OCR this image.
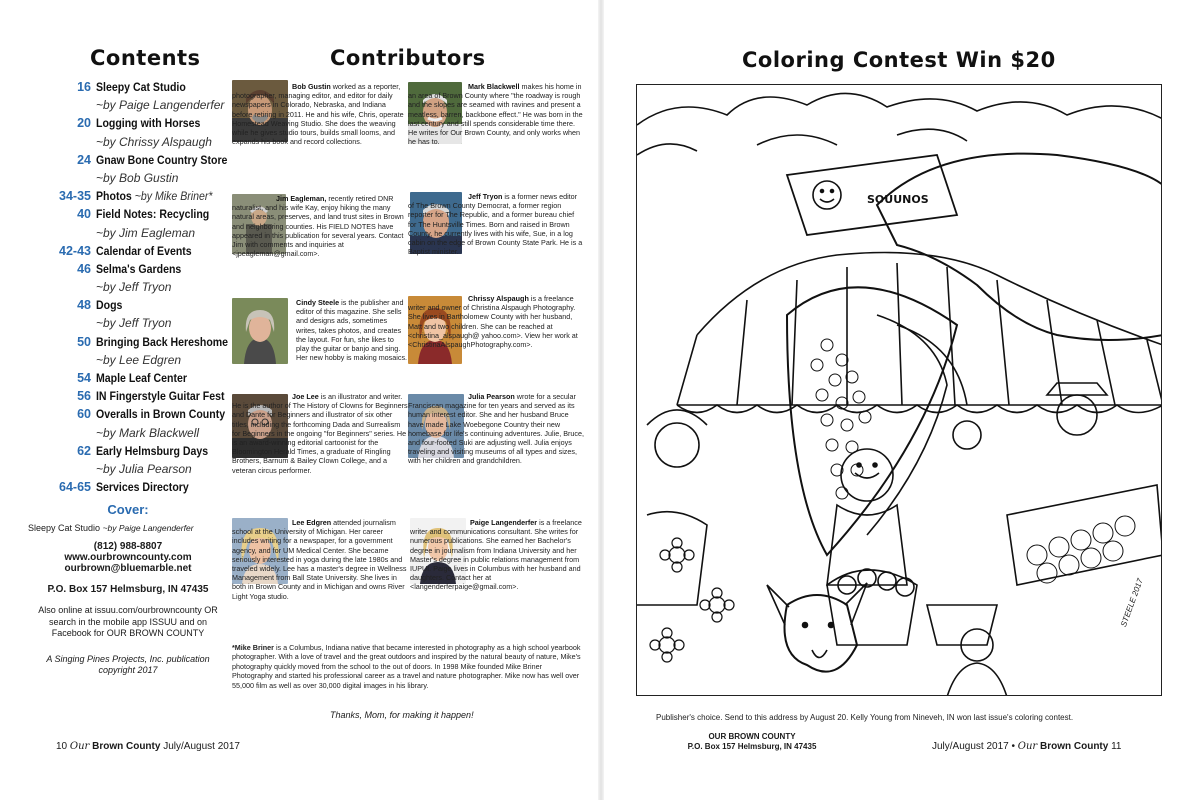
Contents
16 Sleepy Cat Studio
~by Paige Langenderfer
20 Logging with Horses
~by Chrissy Alspaugh
24 Gnaw Bone Country Store
~by Bob Gustin
34-35 Photos ~by Mike Briner*
40 Field Notes: Recycling
~by Jim Eagleman
42-43 Calendar of Events
46 Selma's Gardens
~by Jeff Tryon
48 Dogs
~by Jeff Tryon
50 Bringing Back Hereshome
~by Lee Edgren
54 Maple Leaf Center
56 IN Fingerstyle Guitar Fest
60 Overalls in Brown County
~by Mark Blackwell
62 Early Helmsburg Days
~by Julia Pearson
64-65 Services Directory
Cover:
Sleepy Cat Studio ~by Paige Langenderfer
(812) 988-8807
www.ourbrowncounty.com
ourbrown@bluemarble.net
P.O. Box 157 Helmsburg, IN 47435
Also online at issuu.com/ourbrowncounty OR search in the mobile app ISSUU and on Facebook for OUR BROWN COUNTY
A Singing Pines Projects, Inc. publication
copyright 2017
Contributors
Bob Gustin worked as a reporter, photographer, managing editor, and editor for daily newspapers in Colorado, Nebraska, and Indiana before retiring in 2011. He and his wife, Chris, operate Homestead Weaving Studio. She does the weaving while he gives studio tours, builds small looms, and expands his book and record collections.
Mark Blackwell makes his home in an area of Brown County where "the roadway is rough and the slopes are seamed with ravines and present a meatless, barren, backbone effect." He was born in the last century and still spends considerable time there. He writes for Our Brown County, and only works when he has to.
Jim Eagleman, recently retired DNR naturalist, and his wife Kay, enjoy hiking the many natural areas, preserves, and land trust sites in Brown and neighboring counties. His FIELD NOTES have appeared in this publication for several years. Contact Jim with comments and inquiries at <jpeagleman@gmail.com>.
Jeff Tryon is a former news editor of The Brown County Democrat, a former region reporter for The Republic, and a former bureau chief for The Huntsville Times. Born and raised in Brown County, he currently lives with his wife, Sue, in a log cabin on the edge of Brown County State Park. He is a Baptist minister.
Cindy Steele is the publisher and editor of this magazine. She sells and designs ads, sometimes writes, takes photos, and creates the layout. For fun, she likes to play the guitar or banjo and sing. Her new hobby is making mosaics.
Chrissy Alspaugh is a freelance writer and owner of Christina Alspaugh Photography. She lives in Bartholomew County with her husband, Matt and two children. She can be reached at <christina_alspaugh@ yahoo.com>. View her work at <ChristinaAlspaughPhotography.com>.
Joe Lee is an illustrator and writer. He is the author of The History of Clowns for Beginners and Dante for Beginners and illustrator of six other titles, including the forthcoming Dada and Surrealism for Beginners in the ongoing "for Beginners" series. He is an award-winning editorial cartoonist for the Bloomington Herald Times, a graduate of Ringling Brothers, Barnum & Bailey Clown College, and a veteran circus performer.
Julia Pearson wrote for a secular Franciscan magazine for ten years and served as its human interest editor. She and her husband Bruce have made Lake Woebegone Country their new homebase for life's continuing adventures. Julie, Bruce, and four-footed Suki are adjusting well. Julia enjoys traveling and visiting museums of all types and sizes, with her children and grandchildren.
Lee Edgren attended journalism school at the University of Michigan. Her career includes writing for a newspaper, for a government agency, and for UM Medical Center. She became seriously interested in yoga during the late 1980s and traveled widely. Lee has a master's degree in Wellness Management from Ball State University. She lives in both in Brown County and in Michigan and owns River Light Yoga studio.
Paige Langenderfer is a freelance writer and communications consultant. She writes for numerous publications. She earned her Bachelor's degree in journalism from Indiana University and her Master's degree in public relations management from IUPUI. Paige lives in Columbus with her husband and daughters. Contact her at <langenderferpaige@gmail.com>.
*Mike Briner is a Columbus, Indiana native that became interested in photography as a high school yearbook photographer. With a love of travel and the great outdoors and inspired by the natural beauty of nature, Mike's photography quickly moved from the school to the out of doors. In 1998 Mike founded Mike Briner Photography and started his professional career as a travel and nature photographer. Mike now has well over 55,000 film as well as over 30,000 digital images in his library.
Thanks, Mom, for making it happen!
Coloring Contest Win $20
SOUUNOS
STEELE 2017
Publisher's choice. Send to this address by August 20. Kelly Young from Nineveh, IN won last issue's coloring contest.
OUR BROWN COUNTY
P.O. Box 157 Helmsburg, IN 47435
10 Our Brown County July/August 2017	July/August 2017 • Our Brown County 11
